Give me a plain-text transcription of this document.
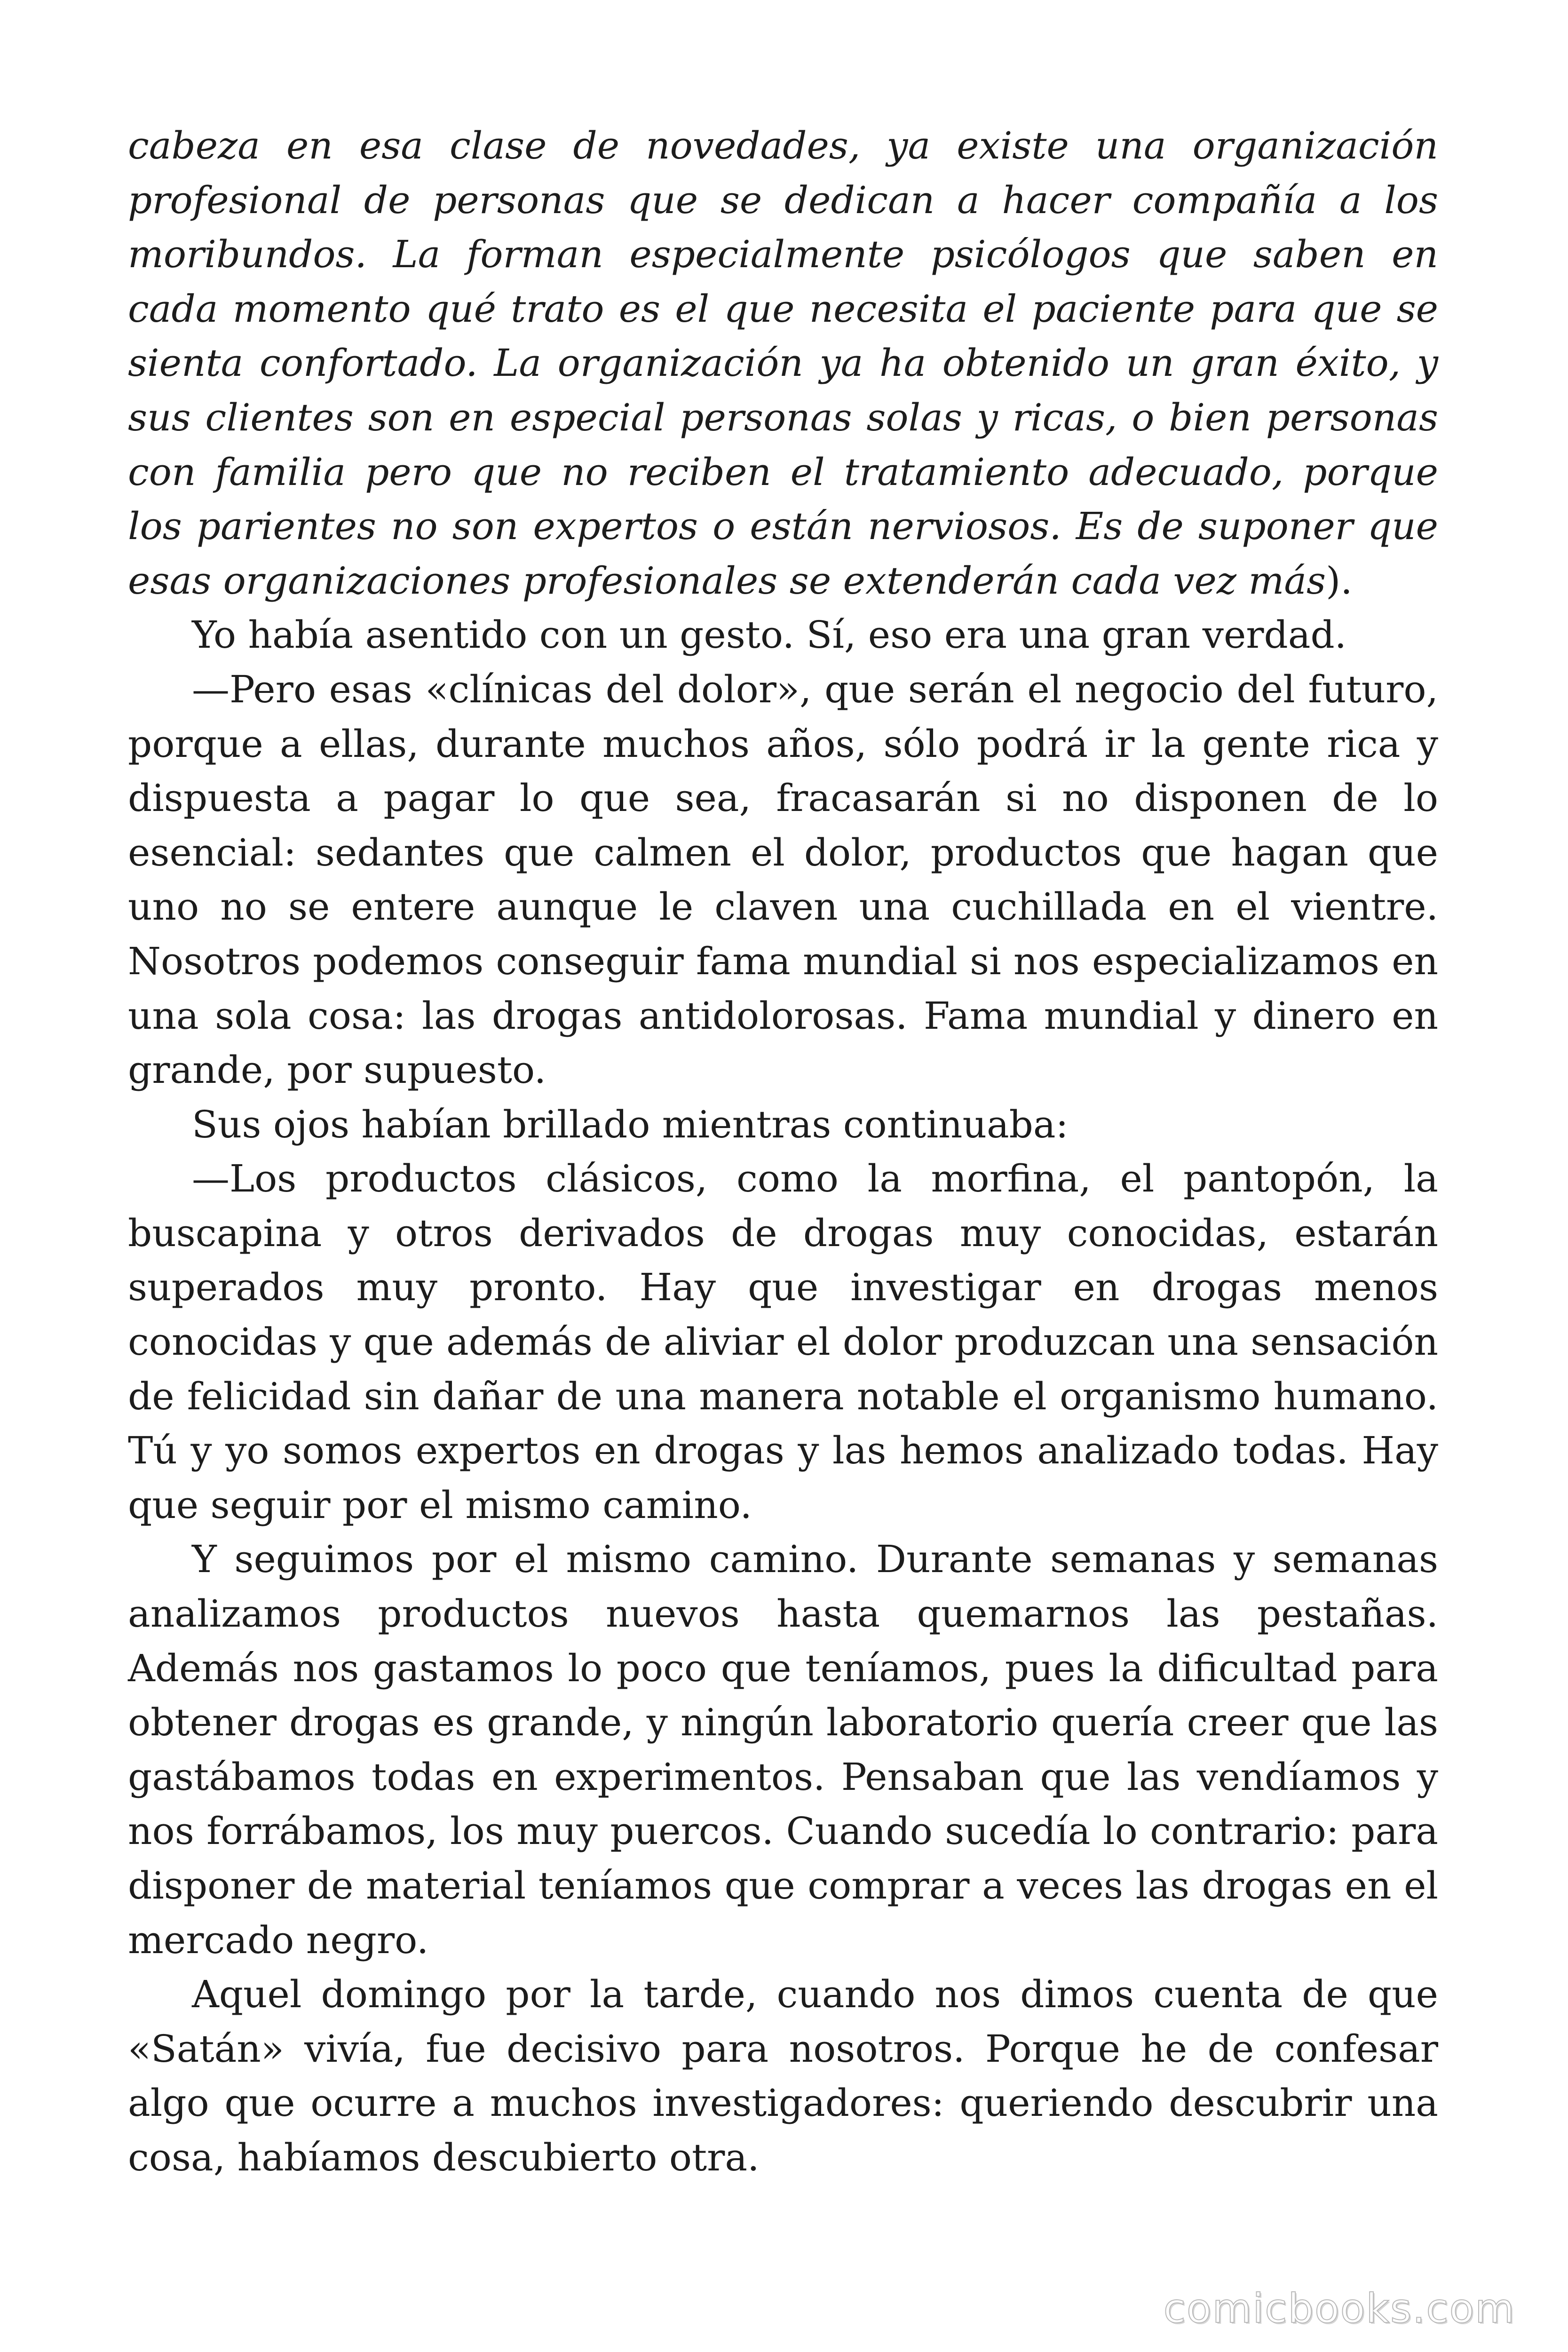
cabeza en esa clase de novedades, ya existe una organización profesional de personas que se dedican a hacer compañía a los moribundos. La forman especialmente psicólogos que saben en cada momento qué trato es el que necesita el paciente para que se sienta confortado. La organización ya ha obtenido un gran éxito, y sus clientes son en especial personas solas y ricas, o bien personas con familia pero que no reciben el tratamiento adecuado, porque los parientes no son expertos o están nerviosos. Es de suponer que esas organizaciones profesionales se extenderán cada vez más).

Yo había asentido con un gesto. Sí, eso era una gran verdad.

—Pero esas «clínicas del dolor», que serán el negocio del futuro, porque a ellas, durante muchos años, sólo podrá ir la gente rica y dispuesta a pagar lo que sea, fracasarán si no disponen de lo esencial: sedantes que calmen el dolor, productos que hagan que uno no se entere aunque le claven una cuchillada en el vientre. Nosotros podemos conseguir fama mundial si nos especializamos en una sola cosa: las drogas antidolorosas. Fama mundial y dinero en grande, por supuesto.

Sus ojos habían brillado mientras continuaba:

—Los productos clásicos, como la morfina, el pantopón, la buscapina y otros derivados de drogas muy conocidas, estarán superados muy pronto. Hay que investigar en drogas menos conocidas y que además de aliviar el dolor produzcan una sensación de felicidad sin dañar de una manera notable el organismo humano. Tú y yo somos expertos en drogas y las hemos analizado todas. Hay que seguir por el mismo camino.

Y seguimos por el mismo camino. Durante semanas y semanas analizamos productos nuevos hasta quemarnos las pestañas. Además nos gastamos lo poco que teníamos, pues la dificultad para obtener drogas es grande, y ningún laboratorio quería creer que las gastábamos todas en experimentos. Pensaban que las vendíamos y nos forrábamos, los muy puercos. Cuando sucedía lo contrario: para disponer de material teníamos que comprar a veces las drogas en el mercado negro.

Aquel domingo por la tarde, cuando nos dimos cuenta de que «Satán» vivía, fue decisivo para nosotros. Porque he de confesar algo que ocurre a muchos investigadores: queriendo descubrir una cosa, habíamos descubierto otra.

comicbooks.com
